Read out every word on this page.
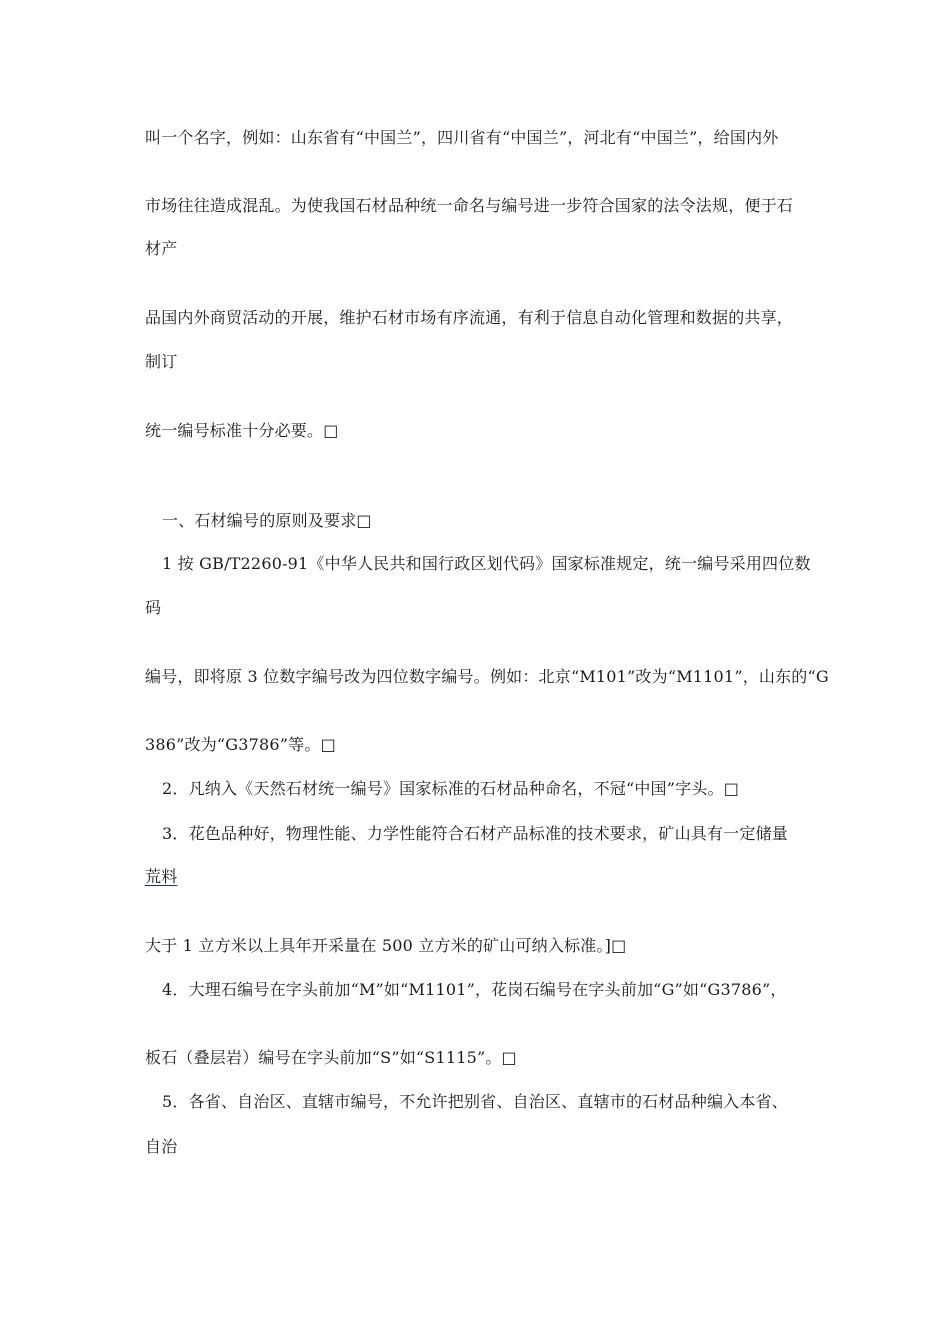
叫一个名字，例如：山东省有“中国兰”，四川省有“中国兰”，河北有“中国兰”，给国内外
市场往往造成混乱。为使我国石材品种统一命名与编号进一步符合国家的法令法规，便于石
材产
品国内外商贸活动的开展，维护石材市场有序流通，有利于信息自动化管理和数据的共享，
制订
统一编号标准十分必要。□
一、石材编号的原则及要求□
1 按 GB/T2260-91《中华人民共和国行政区划代码》国家标准规定，统一编号采用四位数
码
编号，即将原 3 位数字编号改为四位数字编号。例如：北京“M101”改为“M1101”，山东的“G
386”改为“G3786”等。□
2．凡纳入《天然石材统一编号》国家标准的石材品种命名，不冠“中国”字头。□
3．花色品种好，物理性能、力学性能符合石材产品标准的技术要求，矿山具有一定储量
荒料
大于 1 立方米以上具年开采量在 500 立方米的矿山可纳入标准。]□
4．大理石编号在字头前加“M”如“M1101”，花岗石编号在字头前加“G”如“G3786”，
板石（叠层岩）编号在字头前加“S”如“S1115”。□
5．各省、自治区、直辖市编号，不允许把别省、自治区、直辖市的石材品种编入本省、
自治
